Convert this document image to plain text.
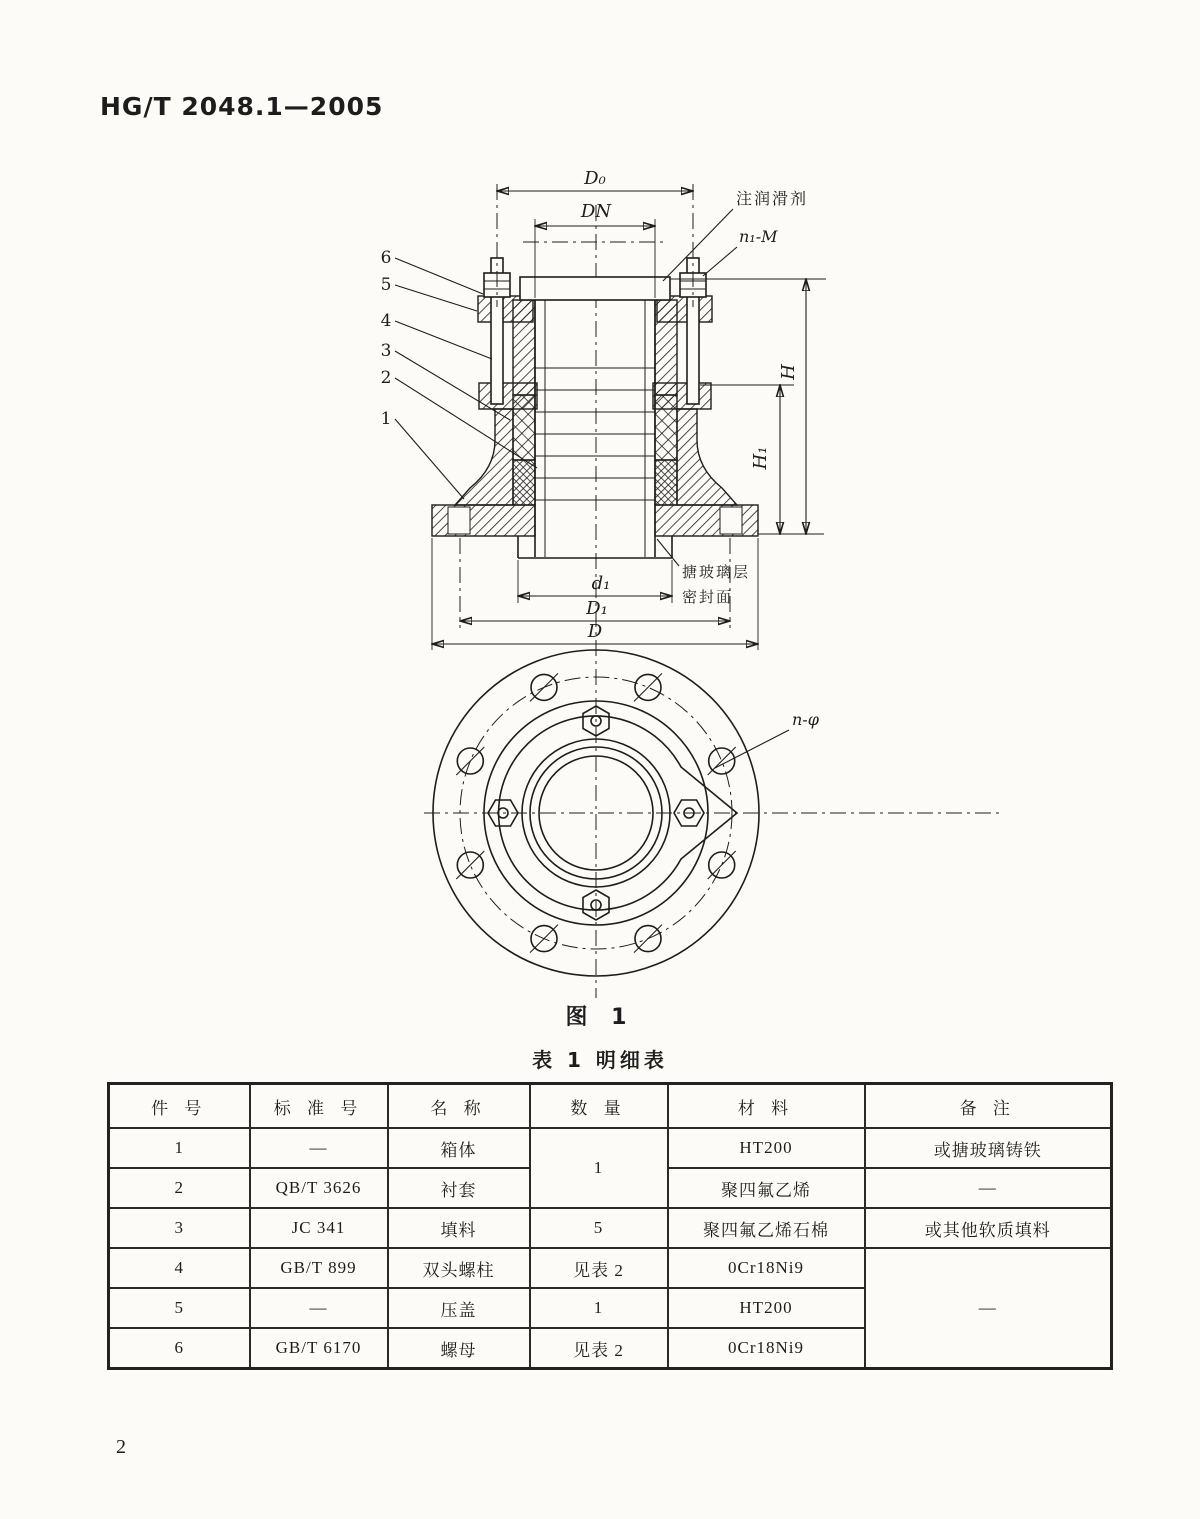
HG/T 2048.1—2005
D₀
DN
H
H₁
d₁
D₁
D
注润滑剂
n₁-M
搪玻璃层
密封面
6
5
4
3
2
1
n-φ
图 1
表 1 明细表
件 号	标 准 号	名 称	数 量	材 料	备 注
1	—	箱体	1	HT200	或搪玻璃铸铁
2	QB/T 3626	衬套		聚四氟乙烯	—
3	JC 341	填料	5	聚四氟乙烯石棉	或其他软质填料
4	GB/T 899	双头螺柱	见表 2	0Cr18Ni9	—
5	—	压盖	1	HT200	
6	GB/T 6170	螺母	见表 2	0Cr18Ni9	
2
